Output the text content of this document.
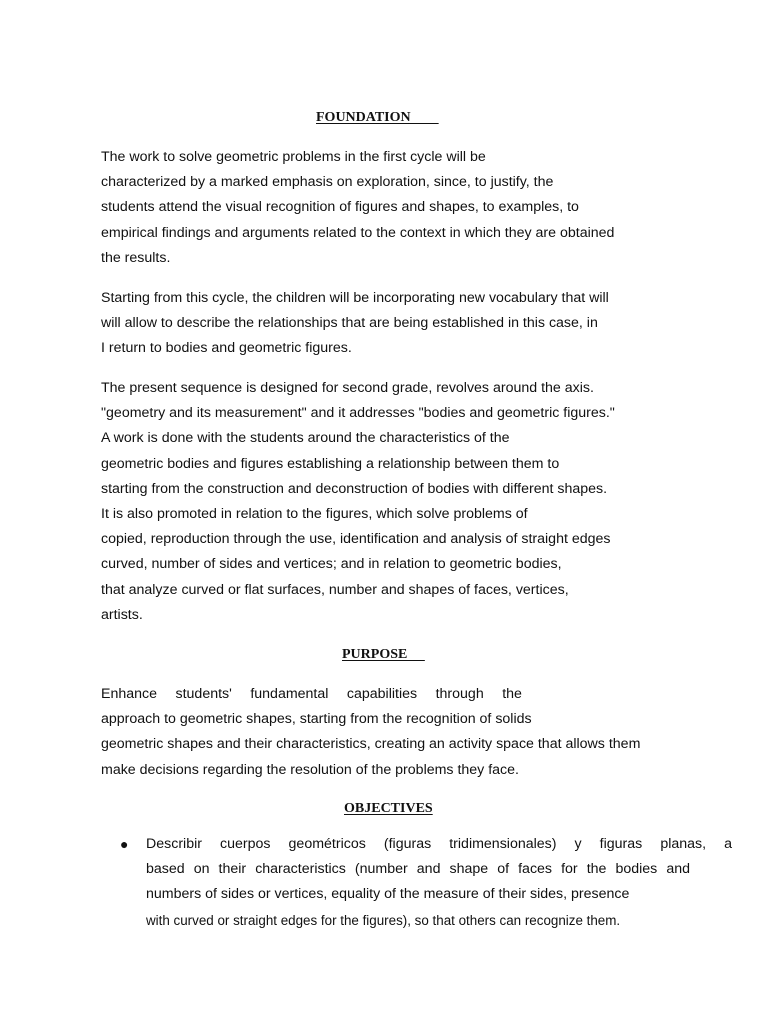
FOUNDATION
The work to solve geometric problems in the first cycle will be
characterized by a marked emphasis on exploration, since, to justify, the
students attend the visual recognition of figures and shapes, to examples, to
empirical findings and arguments related to the context in which they are obtained
the results.
Starting from this cycle, the children will be incorporating new vocabulary that will
will allow to describe the relationships that are being established in this case, in
I return to bodies and geometric figures.
The present sequence is designed for second grade, revolves around the axis.
"geometry and its measurement" and it addresses "bodies and geometric figures."
A work is done with the students around the characteristics of the
geometric bodies and figures establishing a relationship between them to
starting from the construction and deconstruction of bodies with different shapes.
It is also promoted in relation to the figures, which solve problems of
copied, reproduction through the use, identification and analysis of straight edges
curved, number of sides and vertices; and in relation to geometric bodies,
that analyze curved or flat surfaces, number and shapes of faces, vertices,
artists.
PURPOSE
Enhance students' fundamental capabilities through the
approach to geometric shapes, starting from the recognition of solids
geometric shapes and their characteristics, creating an activity space that allows them
make decisions regarding the resolution of the problems they face.
OBJECTIVES
●	Describir cuerpos geométricos (figuras tridimensionales) y figuras planas, a
based on their characteristics (number and shape of faces for the bodies and
numbers of sides or vertices, equality of the measure of their sides, presence
with curved or straight edges for the figures), so that others can recognize them.
